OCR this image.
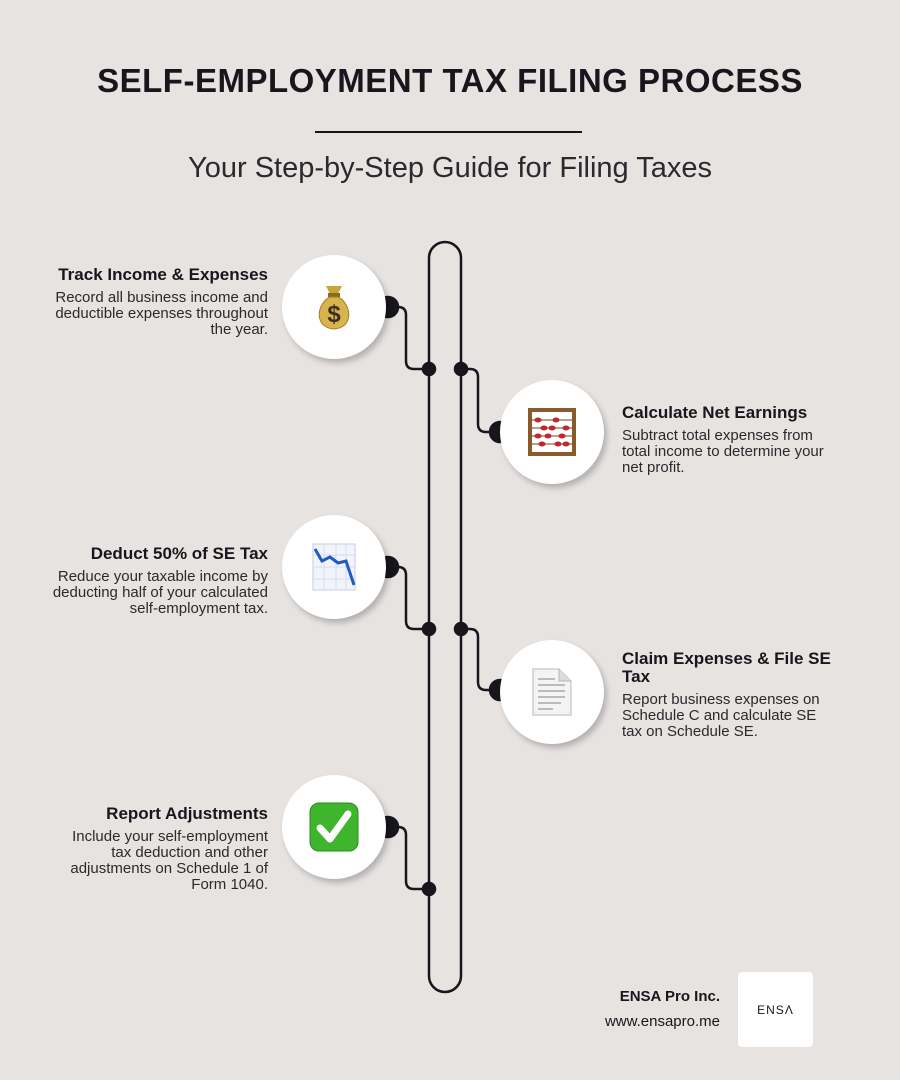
SELF-EMPLOYMENT TAX FILING PROCESS
Your Step-by-Step Guide for Filing Taxes
$
Track Income & Expenses

Record all business income and deductible expenses throughout the year.

Calculate Net Earnings

Subtract total expenses from total income to determine your net profit.

Deduct 50% of SE Tax

Reduce your taxable income by deducting half of your calculated self-employment tax.

Claim Expenses & File SE Tax

Report business expenses on Schedule C and calculate SE tax on Schedule SE.

Report Adjustments

Include your self-employment tax deduction and other adjustments on Schedule 1 of Form 1040.

ENSA Pro Inc.
www.ensapro.me
ENSΛ
